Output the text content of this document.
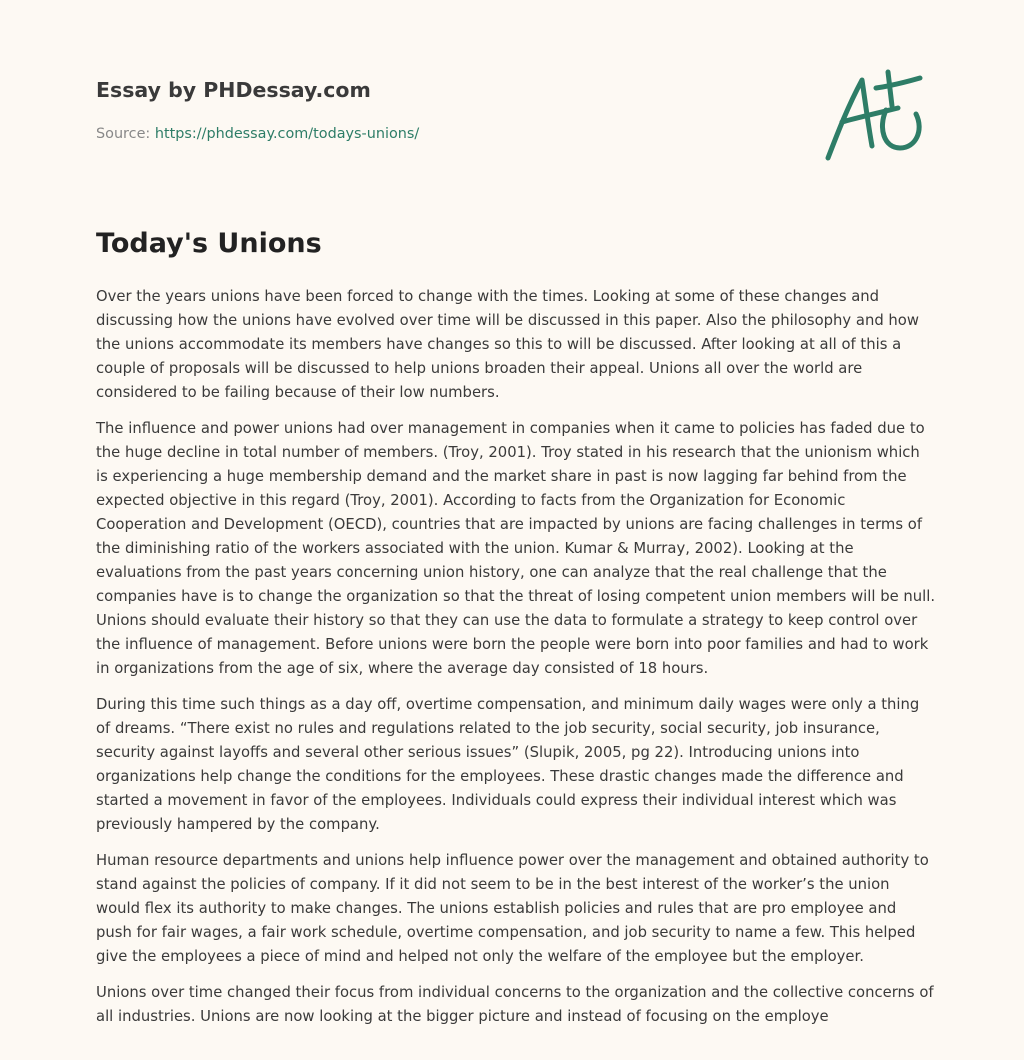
Essay by PHDessay.com
Source: https://phdessay.com/todays-unions/
Today's Unions

Over the years unions have been forced to change with the times. Looking at some of these changes and discussing how the unions have evolved over time will be discussed in this paper. Also the philosophy and how the unions accommodate its members have changes so this to will be discussed. After looking at all of this a couple of proposals will be discussed to help unions broaden their appeal. Unions all over the world are considered to be failing because of their low numbers.

The influence and power unions had over management in companies when it came to policies has faded due to the huge decline in total number of members. (Troy, 2001). Troy stated in his research that the unionism which is experiencing a huge membership demand and the market share in past is now lagging far behind from the expected objective in this regard (Troy, 2001). According to facts from the Organization for Economic Cooperation and Development (OECD), countries that are impacted by unions are facing challenges in terms of the diminishing ratio of the workers associated with the union. Kumar & Murray, 2002). Looking at the evaluations from the past years concerning union history, one can analyze that the real challenge that the companies have is to change the organization so that the threat of losing competent union members will be null. Unions should evaluate their history so that they can use the data to formulate a strategy to keep control over the influence of management. Before unions were born the people were born into poor families and had to work in organizations from the age of six, where the average day consisted of 18 hours.

During this time such things as a day off, overtime compensation, and minimum daily wages were only a thing of dreams. “There exist no rules and regulations related to the job security, social security, job insurance, security against layoffs and several other serious issues” (Slupik, 2005, pg 22). Introducing unions into organizations help change the conditions for the employees. These drastic changes made the difference and started a movement in favor of the employees. Individuals could express their individual interest which was previously hampered by the company.

Human resource departments and unions help influence power over the management and obtained authority to stand against the policies of company. If it did not seem to be in the best interest of the worker’s the union would flex its authority to make changes. The unions establish policies and rules that are pro employee and push for fair wages, a fair work schedule, overtime compensation, and job security to name a few. This helped give the employees a piece of mind and helped not only the welfare of the employee but the employer.

Unions over time changed their focus from individual concerns to the organization and the collective concerns of all industries. Unions are now looking at the bigger picture and instead of focusing on the employe
